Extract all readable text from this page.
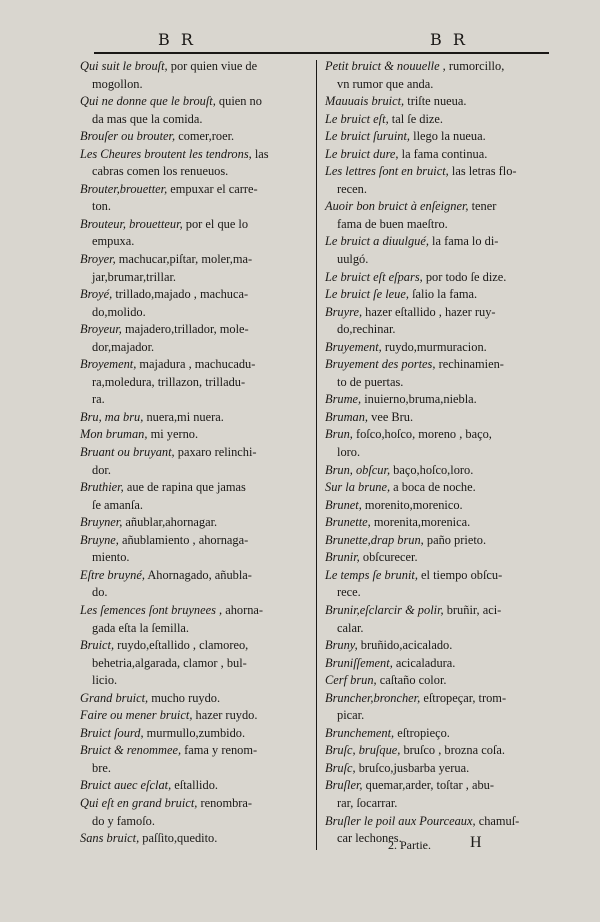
B R	B R
Qui suit le brouſt, por quien viue de
mogollon.
Qui ne donne que le brouſt, quien no
da mas que la comida.
Brouſer ou brouter, comer,roer.
Les Cheures broutent les tendrons, las
cabras comen los renueuos.
Brouter,brouetter, empuxar el carre-
ton.
Brouteur, brouetteur, por el que lo
empuxa.
Broyer, machucar,piſtar, moler,ma-
jar,brumar,trillar.
Broyé, trillado,majado , machuca-
do,molido.
Broyeur, majadero,trillador, mole-
dor,majador.
Broyement, majadura , machucadu-
ra,moledura, trillazon, trilladu-
ra.
Bru, ma bru, nuera,mi nuera.
Mon bruman, mi yerno.
Bruant ou bruyant, paxaro relinchi-
dor.
Bruthier, aue de rapina que jamas
ſe amanſa.
Bruyner, añublar,ahornagar.
Bruyne, añublamiento , ahornaga-
miento.
Eſtre bruyné, Ahornagado, añubla-
do.
Les ſemences ſont bruynees , ahorna-
gada eſta la ſemilla.
Bruict, ruydo,eſtallido , clamoreo,
behetria,algarada, clamor , bul-
licio.
Grand bruict, mucho ruydo.
Faire ou mener bruict, hazer ruydo.
Bruict ſourd, murmullo,zumbido.
Bruict & renommee, fama y renom-
bre.
Bruict auec eſclat, eſtallido.
Qui eſt en grand bruict, renombra-
do y famoſo.
Sans bruict, paſſito,quedito.
Petit bruict & nouuelle , rumorcillo,
vn rumor que anda.
Mauuais bruict, triſte nueua.
Le bruict eſt, tal ſe dize.
Le bruict ſuruint, llego la nueua.
Le bruict dure, la fama continua.
Les lettres ſont en bruict, las letras flo-
recen.
Auoir bon bruict à enſeigner, tener
fama de buen maeſtro.
Le bruict a diuulgué, la fama lo di-
uulgó.
Le bruict eſt eſpars, por todo ſe dize.
Le bruict ſe leue, ſalio la fama.
Bruyre, hazer eſtallido , hazer ruy-
do,rechinar.
Bruyement, ruydo,murmuracion.
Bruyement des portes, rechinamien-
to de puertas.
Brume, inuierno,bruma,niebla.
Bruman, vee Bru.
Brun, foſco,hoſco, moreno , baço,
loro.
Brun, obſcur, baço,hoſco,loro.
Sur la brune, a boca de noche.
Brunet, morenito,morenico.
Brunette, morenita,morenica.
Brunette,drap brun, paño prieto.
Brunir, obſcurecer.
Le temps ſe brunit, el tiempo obſcu-
rece.
Brunir,eſclarcir & polir, bruñir, aci-
calar.
Bruny, bruñido,acicalado.
Bruniſſement, acicaladura.
Cerf brun, caſtaño color.
Bruncher,broncher, eſtropeçar, trom-
picar.
Brunchement, eſtropieço.
Bruſc, bruſque, bruſco , brozna coſa.
Bruſc, bruſco,jusbarba yerua.
Bruſler, quemar,arder, toſtar , abu-
rar, ſocarrar.
Bruſler le poil aux Pourceaux, chamuſ-
car lechones.
2. Partie. H
